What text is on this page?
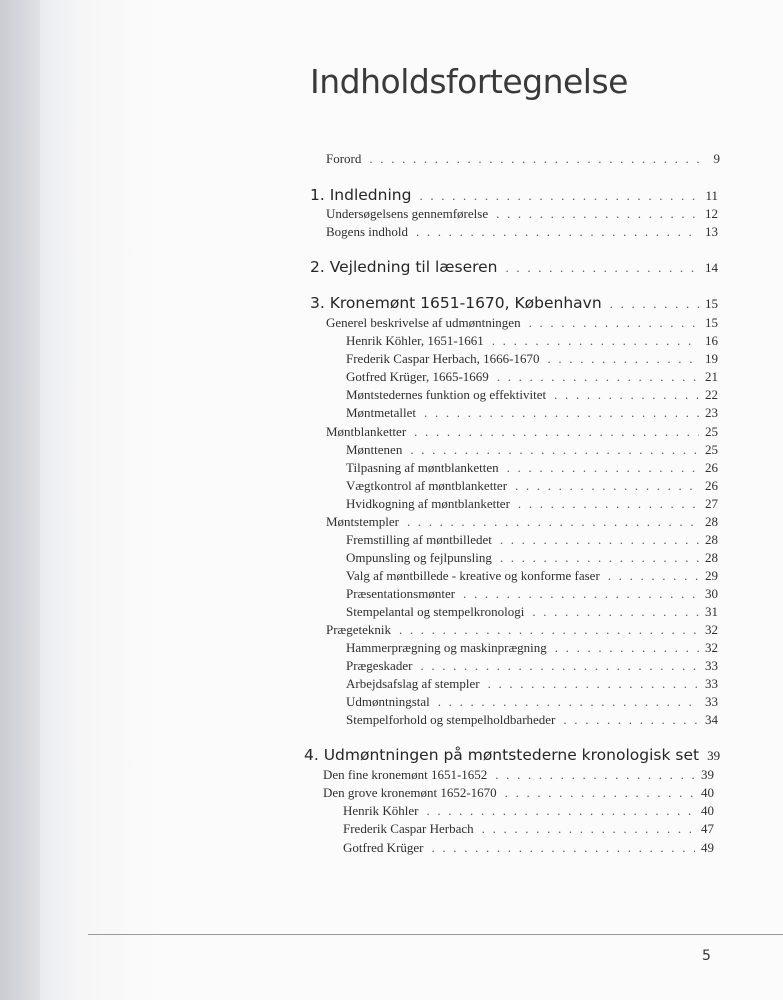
Indholdsfortegnelse
Forord . . .	9
1. Indledning . . .	11
Undersøgelsens gennemførelse . . .	12
Bogens indhold . . .	13
2. Vejledning til læseren . . .	14
3. Kronemønt 1651-1670, København . . .	15
Generel beskrivelse af udmøntningen . . .	15
Henrik Köhler, 1651-1661 . . .	16
Frederik Caspar Herbach, 1666-1670 . . .	19
Gotfred Krüger, 1665-1669 . . .	21
Møntstedernes funktion og effektivitet . . .	22
Møntmetallet . . .	23
Møntblanketter . . .	25
Mønttenen . . .	25
Tilpasning af møntblanketten . . .	26
Vægtkontrol af møntblanketter . . .	26
Hvidkogning af møntblanketter . . .	27
Møntstempler . . .	28
Fremstilling af møntbilledet . . .	28
Ompunsling og fejlpunsling . . .	28
Valg af møntbillede - kreative og konforme faser . . .	29
Præsentationsmønter . . .	30
Stempelantal og stempelkronologi . . .	31
Prægeteknik . . .	32
Hammerprægning og maskinprægning . . .	32
Prægeskader . . .	33
Arbejdsafslag af stempler . . .	33
Udmøntningstal . . .	33
Stempelforhold og stempelholdbarheder . . .	34
4. Udmøntningen på møntstederne kronologisk set 39
Den fine kronemønt 1651-1652 . . .	39
Den grove kronemønt 1652-1670 . . .	40
Henrik Köhler . . .	40
Frederik Caspar Herbach . . .	47
Gotfred Krüger . . .	49
5
